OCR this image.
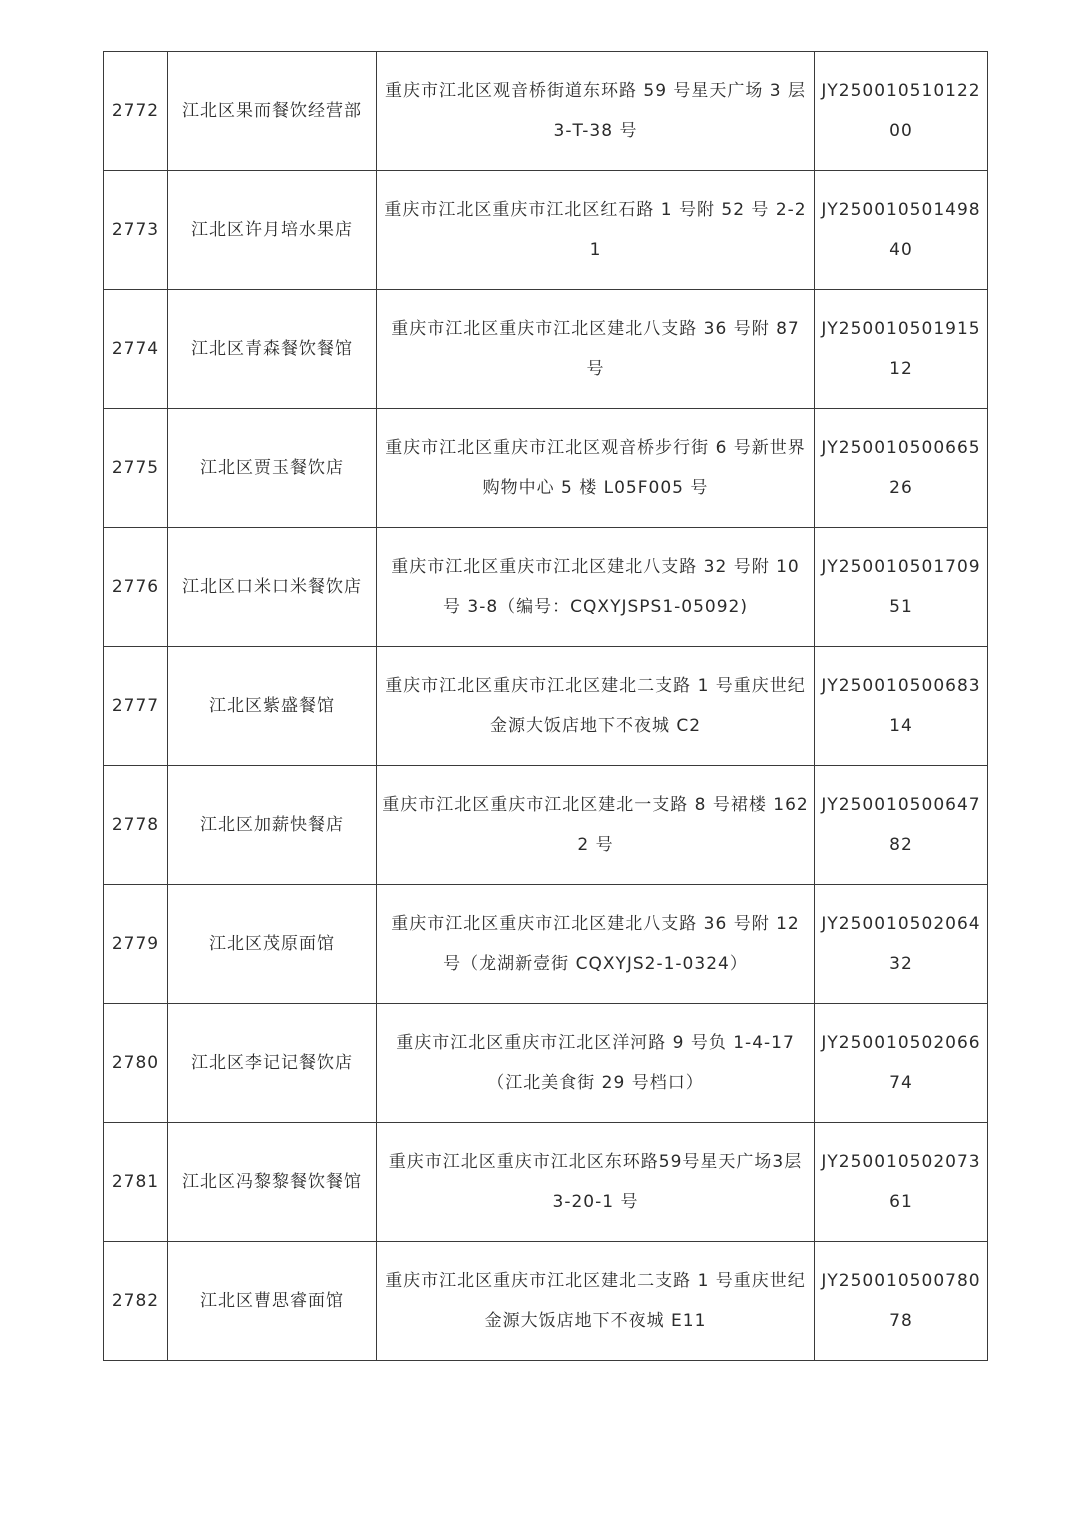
2772	江北区果而餐饮经营部	重庆市江北区观音桥街道东环路 59 号星天广场 3 层 3-T-38 号	JY25001051012200
2773	江北区许月培水果店	重庆市江北区重庆市江北区红石路 1 号附 52 号 2-21	JY25001050149840
2774	江北区青森餐饮餐馆	重庆市江北区重庆市江北区建北八支路 36 号附 87 号	JY25001050191512
2775	江北区贾玉餐饮店	重庆市江北区重庆市江北区观音桥步行街 6 号新世界购物中心 5 楼 L05F005 号	JY25001050066526
2776	江北区口米口米餐饮店	重庆市江北区重庆市江北区建北八支路 32 号附 10 号 3-8（编号：CQXYJSPS1-05092)	JY25001050170951
2777	江北区紫盛餐馆	重庆市江北区重庆市江北区建北二支路 1 号重庆世纪金源大饭店地下不夜城 C2	JY25001050068314
2778	江北区加薪快餐店	重庆市江北区重庆市江北区建北一支路 8 号裙楼 1622 号	JY25001050064782
2779	江北区茂原面馆	重庆市江北区重庆市江北区建北八支路 36 号附 12 号（龙湖新壹街 CQXYJS2-1-0324）	JY25001050206432
2780	江北区李记记餐饮店	重庆市江北区重庆市江北区洋河路 9 号负 1-4-17（江北美食街 29 号档口）	JY25001050206674
2781	江北区冯黎黎餐饮餐馆	重庆市江北区重庆市江北区东环路59号星天广场3层 3-20-1 号	JY25001050207361
2782	江北区曹思睿面馆	重庆市江北区重庆市江北区建北二支路 1 号重庆世纪金源大饭店地下不夜城 E11	JY25001050078078
